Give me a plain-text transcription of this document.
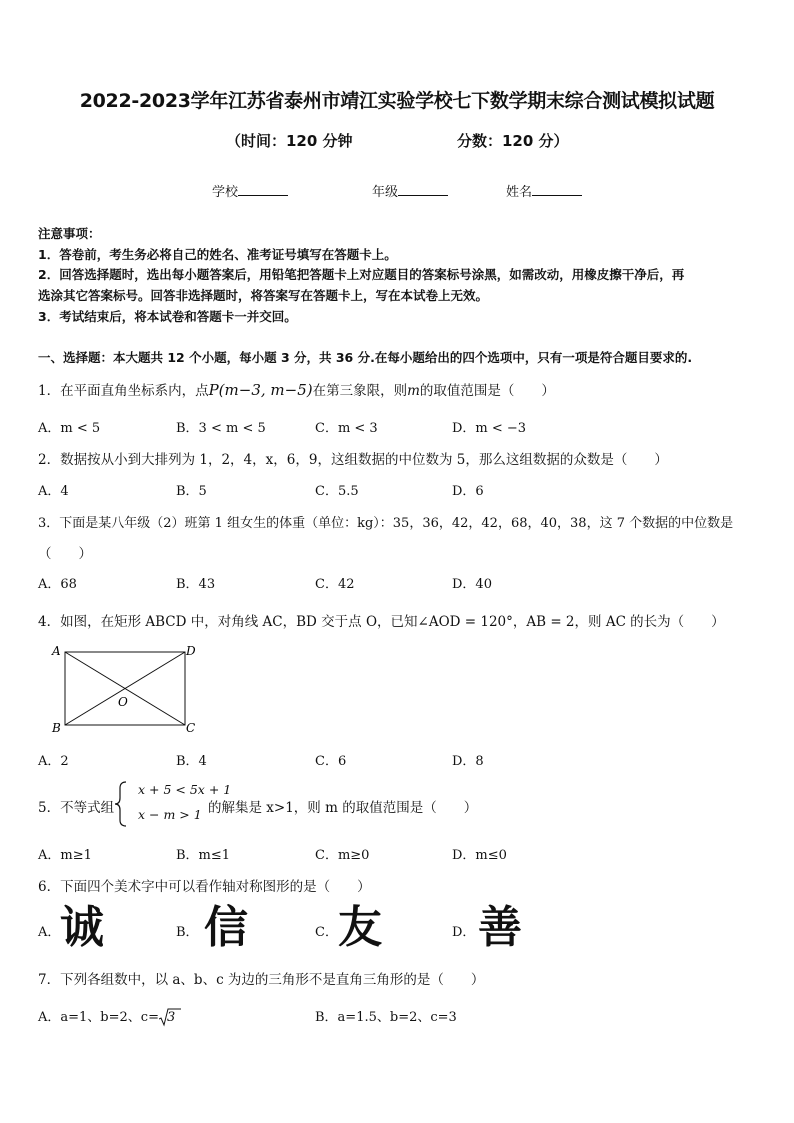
2022-2023学年江苏省泰州市靖江实验学校七下数学期末综合测试模拟试题
（时间：120 分钟	分数：120 分）
学校	年级	姓名
注意事项：
1．答卷前，考生务必将自己的姓名、准考证号填写在答题卡上。
2．回答选择题时，选出每小题答案后，用铅笔把答题卡上对应题目的答案标号涂黑，如需改动，用橡皮擦干净后，再
选涂其它答案标号。回答非选择题时，将答案写在答题卡上，写在本试卷上无效。
3．考试结束后，将本试卷和答题卡一并交回。
一、选择题：本大题共 12 个小题，每小题 3 分，共 36 分.在每小题给出的四个选项中，只有一项是符合题目要求的.
1．在平面直角坐标系内，点P(m−3, m−5)在第三象限，则m的取值范围是（　　）
A．m < 5	B．3 < m < 5	C．m < 3	D．m < −3
2．数据按从小到大排列为 1，2，4，x，6，9，这组数据的中位数为 5，那么这组数据的众数是（　　）
A．4	B．5	C．5.5	D．6
3．下面是某八年级（2）班第 1 组女生的体重（单位：kg）：35，36，42，42，68，40，38，这 7 个数据的中位数是
（　　）
A．68	B．43	C．42	D．40
4．如图，在矩形 ABCD 中，对角线 AC，BD 交于点 O，已知∠AOD = 120°，AB = 2，则 AC 的长为（　　）
A
B	C
D
O
A．2	B．4	C．6	D．8
5．不等式组
x + 5 < 5x + 1
x − m > 1 的解集是 x>1，则 m 的取值范围是（　　）
A．m≥1	B．m≤1	C．m≥0	D．m≤0
6．下面四个美术字中可以看作轴对称图形的是（　　）
A． 诚	B． 信	C． 友	D． 善
7．下列各组数中，以 a、b、c 为边的三角形不是直角三角形的是（　　）
A．a=1、b=2、c= 3	B．a=1.5、b=2、c=3
